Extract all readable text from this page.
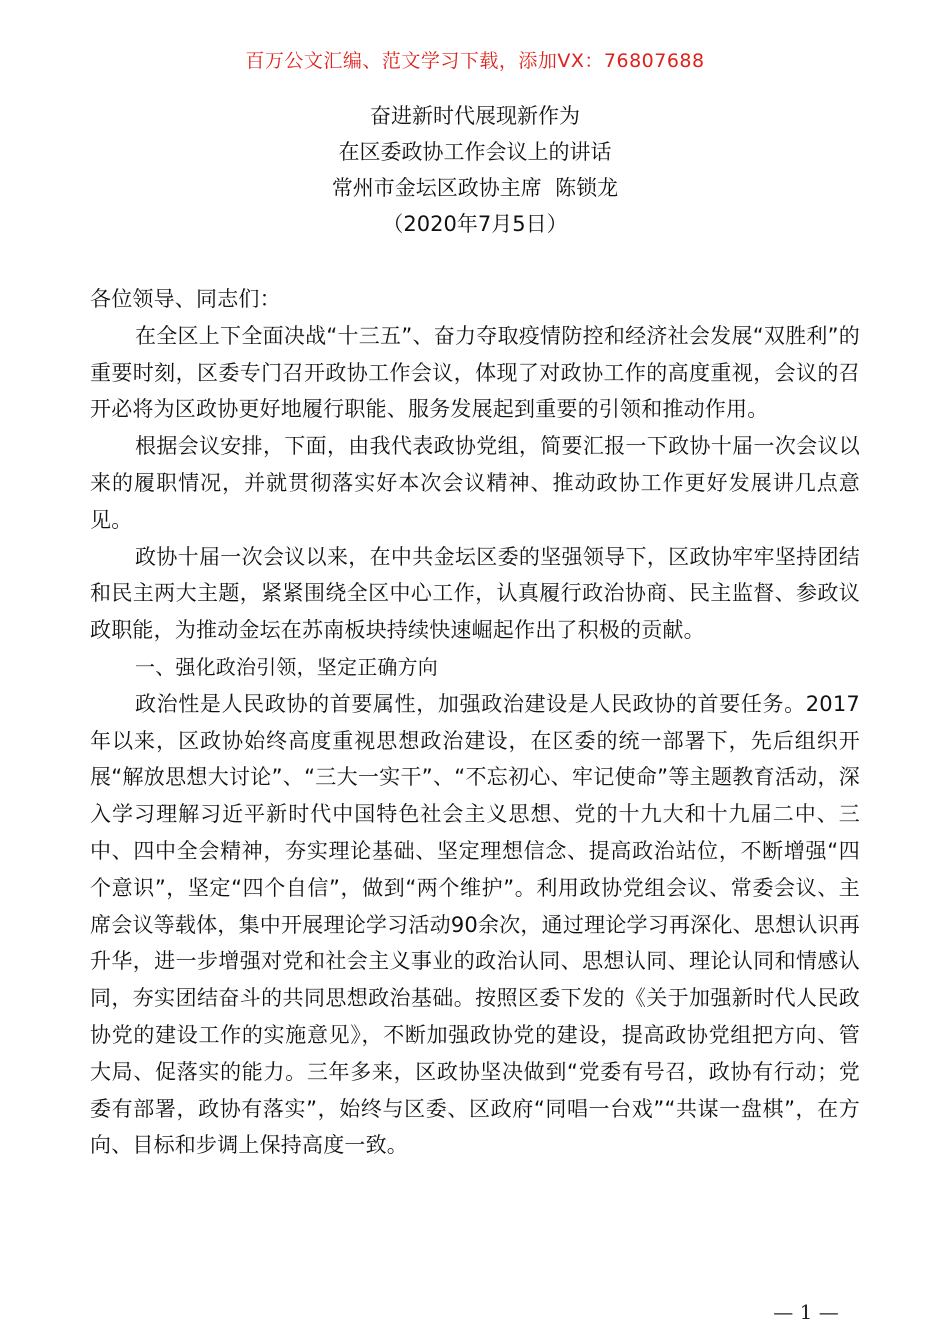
百万公文汇编、范文学习下载，添加VX：76807688
奋进新时代展现新作为
在区委政协工作会议上的讲话
常州市金坛区政协主席  陈锁龙
（2020年7月5日）

各位领导、同志们：

在全区上下全面决战“十三五”、奋力夺取疫情防控和经济社会发展“双胜利”的重要时刻，区委专门召开政协工作会议，体现了对政协工作的高度重视，会议的召开必将为区政协更好地履行职能、服务发展起到重要的引领和推动作用。

根据会议安排，下面，由我代表政协党组，简要汇报一下政协十届一次会议以来的履职情况，并就贯彻落实好本次会议精神、推动政协工作更好发展讲几点意见。

政协十届一次会议以来，在中共金坛区委的坚强领导下，区政协牢牢坚持团结和民主两大主题，紧紧围绕全区中心工作，认真履行政治协商、民主监督、参政议政职能，为推动金坛在苏南板块持续快速崛起作出了积极的贡献。

一、强化政治引领，坚定正确方向

政治性是人民政协的首要属性，加强政治建设是人民政协的首要任务。2017年以来，区政协始终高度重视思想政治建设，在区委的统一部署下，先后组织开展“解放思想大讨论”、“三大一实干”、“不忘初心、牢记使命”等主题教育活动，深入学习理解习近平新时代中国特色社会主义思想、党的十九大和十九届二中、三中、四中全会精神，夯实理论基础、坚定理想信念、提高政治站位，不断增强“四个意识”，坚定“四个自信”，做到“两个维护”。利用政协党组会议、常委会议、主席会议等载体，集中开展理论学习活动90余次，通过理论学习再深化、思想认识再升华，进一步增强对党和社会主义事业的政治认同、思想认同、理论认同和情感认同，夯实团结奋斗的共同思想政治基础。按照区委下发的《关于加强新时代人民政协党的建设工作的实施意见》，不断加强政协党的建设，提高政协党组把方向、管大局、促落实的能力。三年多来，区政协坚决做到“党委有号召，政协有行动；党委有部署，政协有落实”，始终与区委、区政府“同唱一台戏”“共谋一盘棋”，在方向、目标和步调上保持高度一致。

— 1 —
